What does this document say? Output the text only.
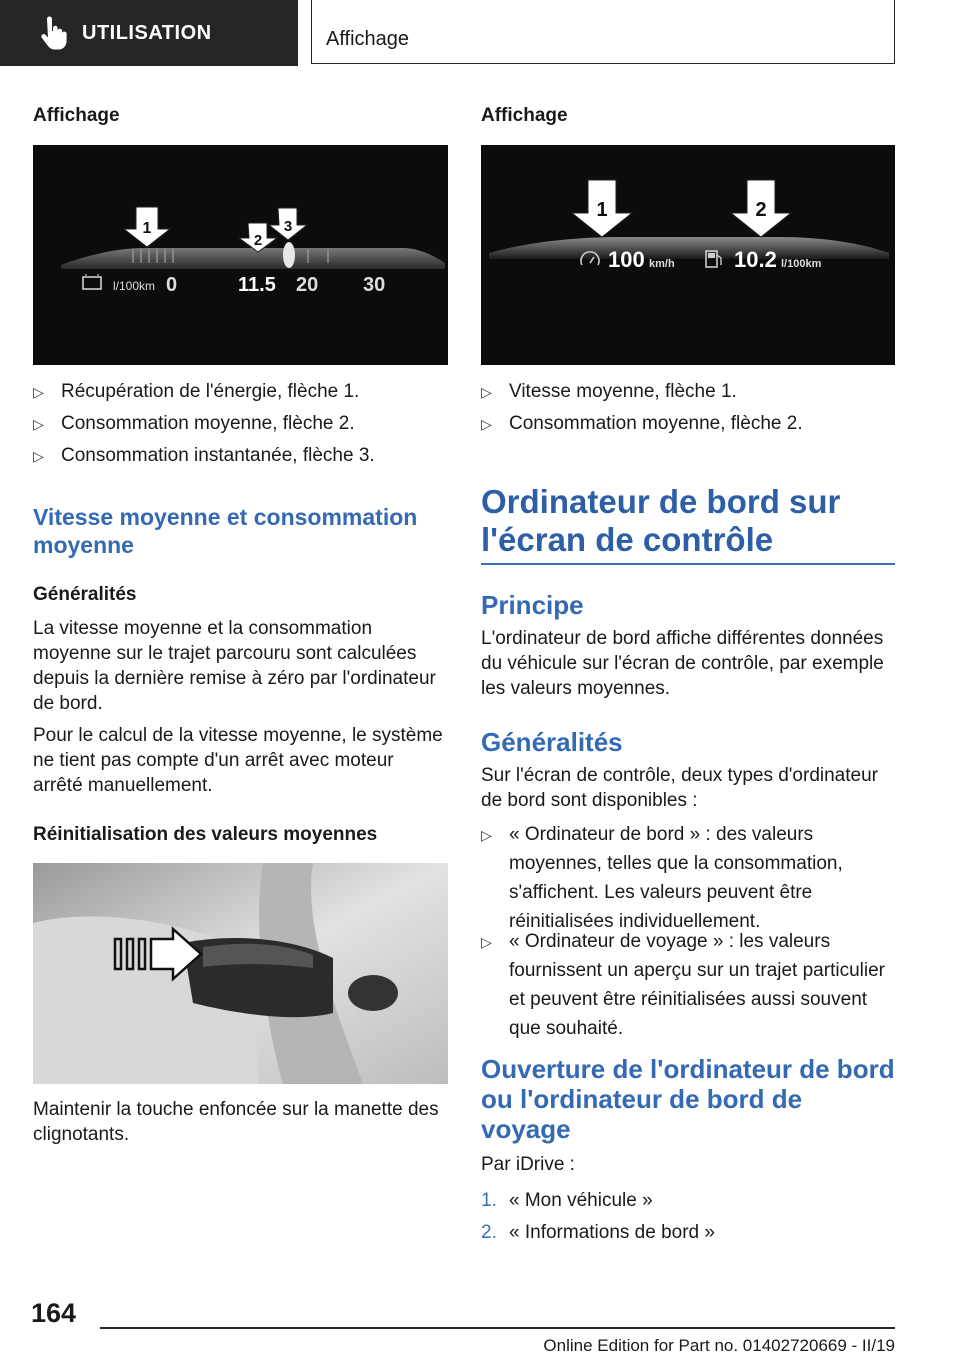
UTILISATION	Affichage
Affichage
1
2
3
l/100km 0	11.5 20 30
▷ Récupération de l'énergie, flèche 1.
▷ Consommation moyenne, flèche 2.
▷ Consommation instantanée, flèche 3.
Vitesse moyenne et consommation moyenne
Généralités
La vitesse moyenne et la consommation moyenne sur le trajet parcouru sont calculées depuis la dernière remise à zéro par l'ordinateur de bord.
Pour le calcul de la vitesse moyenne, le système ne tient pas compte d'un arrêt avec moteur arrêté manuellement.
Réinitialisation des valeurs moyennes
Maintenir la touche enfoncée sur la manette des clignotants.
Affichage
1	2
100 km/h	10.2 l/100km
▷ Vitesse moyenne, flèche 1.
▷ Consommation moyenne, flèche 2.
Ordinateur de bord sur l'écran de contrôle
Principe
L'ordinateur de bord affiche différentes données du véhicule sur l'écran de contrôle, par exemple les valeurs moyennes.
Généralités
Sur l'écran de contrôle, deux types d'ordinateur de bord sont disponibles :
▷ « Ordinateur de bord » : des valeurs moyennes, telles que la consommation, s'affichent. Les valeurs peuvent être réinitialisées individuellement.
▷ « Ordinateur de voyage » : les valeurs fournissent un aperçu sur un trajet particulier et peuvent être réinitialisées aussi souvent que souhaité.
Ouverture de l'ordinateur de bord ou l'ordinateur de bord de voyage
Par iDrive :
1. « Mon véhicule »
2. « Informations de bord »
164
Online Edition for Part no. 01402720669 - II/19
